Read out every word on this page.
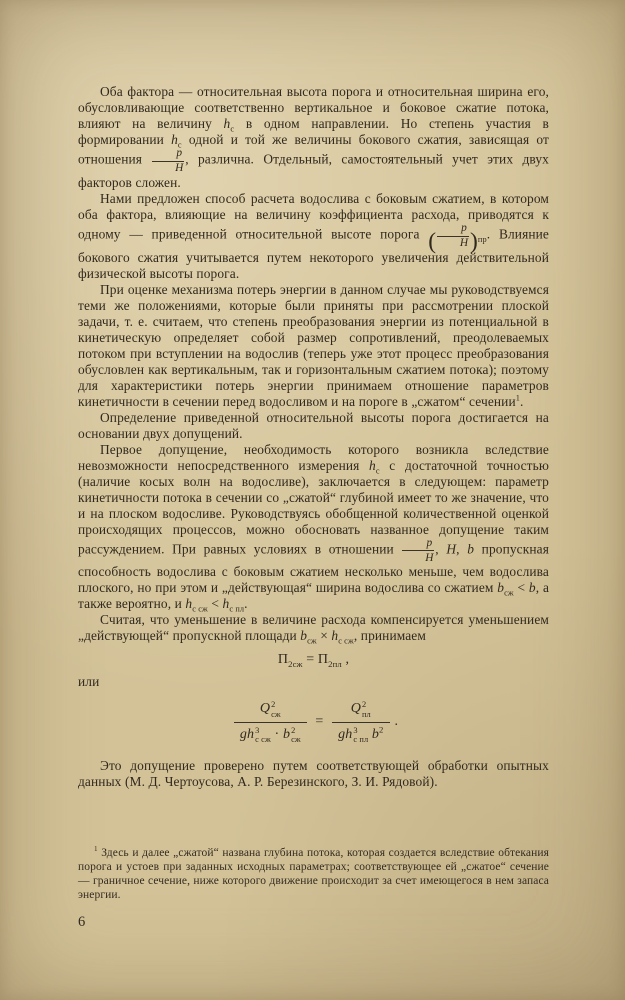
Оба фактора — относительная высота порога и относительная ширина его, обусловливающие соответственно вертикальное и боковое сжатие потока, влияют на величину $h_c$ в одном направлении. Но степень участия в формировании $h_c$ одной и той же величины бокового сжатия, зависящая от отношения $\frac{p}{H}$ , различна. Отдельный, самостоятельный учет этих двух факторов сложен.

Нами предложен способ расчета водослива с боковым сжатием, в котором оба фактора, влияющие на величину коэффициента расхода, приводятся к одному — приведенной относительной высоте порога ( $\frac{p}{H} )_{пр}$. Влияние бокового сжатия учитывается путем некоторого увеличения действительной физической высоты порога.

При оценке механизма потерь энергии в данном случае мы руководствуемся теми же положениями, которые были приняты при рассмотрении плоской задачи, т. е. считаем, что степень преобразования энергии из потенциальной в кинетическую определяет собой размер сопротивлений, преодолеваемых потоком при вступлении на водослив (теперь уже этот процесс преобразования обусловлен как вертикальным, так и горизонтальным сжатием потока); поэтому для характеристики потерь энергии принимаем отношение параметров кинетичности в сечении перед водосливом и на пороге в „сжатом“ сечении$^1$.

Определение приведенной относительной высоты порога достигается на основании двух допущений.

Первое допущение, необходимость которого возникла вследствие невозможности непосредственного измерения $h_c$ с достаточной точностью (наличие косых волн на водосливе), заключается в следующем: параметр кинетичности потока в сечении со „сжатой“ глубиной имеет то же значение, что и на плоском водосливе. Руководствуясь обобщенной количественной оценкой происходящих процессов, можно обосновать названное допущение таким рассуждением. При равных условиях в отношении $\frac{p}{H}$ , H, b пропускная способность водослива с боковым сжатием несколько меньше, чем водослива плоского, но при этом и „действующая“ ширина водослива со сжатием $b_{сж} < b$, а также вероятно, и $h_{c сж} < h_{c пл}$.

Считая, что уменьшение в величине расхода компенсируется уменьшением „действующей“ пропускной площади $b_{сж} \times h_{c сж}$, принимаем

$П_{2сж} = П_{2пл}$ ,

или

Q 2
сж
gh 3
с сж · b 2
сж = Q 2
пл
gh 3
с пл $b^2$ .

Это допущение проверено путем соответствующей обработки опытных данных (М. Д. Чертоусова, А. Р. Березинского, З. И. Рядовой).

$^1$ Здесь и далее „сжатой“ названа глубина потока, которая создается вследствие обтекания порога и устоев при заданных исходных параметрах; соответствующее ей „сжатое“ сечение — граничное сечение, ниже которого движение происходит за счет имеющегося в нем запаса энергии.
6
